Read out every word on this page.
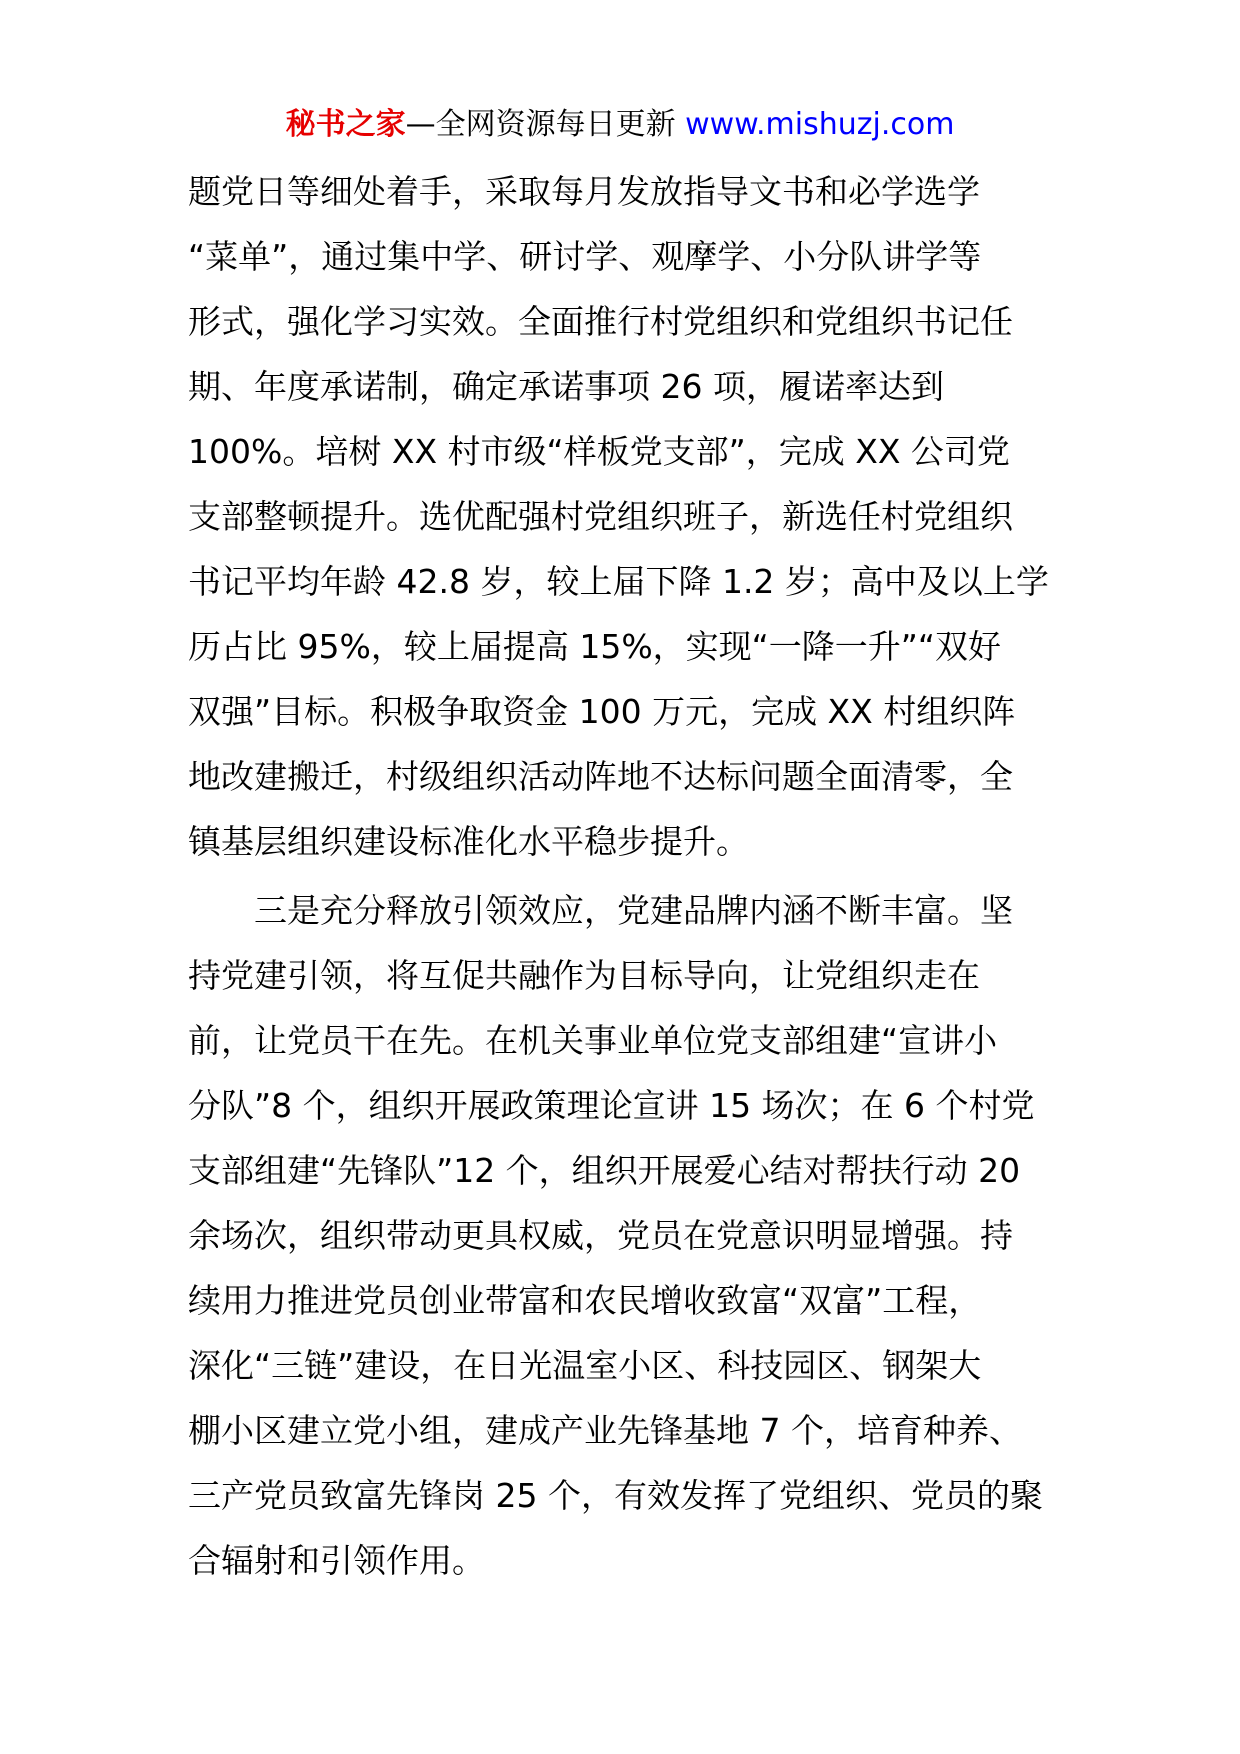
秘书之家—全网资源每日更新 www.mishuzj.com
题党日等细处着手，采取每月发放指导文书和必学选学
“菜单”，通过集中学、研讨学、观摩学、小分队讲学等
形式，强化学习实效。全面推行村党组织和党组织书记任
期、年度承诺制，确定承诺事项 26 项，履诺率达到
100%。培树 XX 村市级“样板党支部”，完成 XX 公司党
支部整顿提升。选优配强村党组织班子，新选任村党组织
书记平均年龄 42.8 岁，较上届下降 1.2 岁；高中及以上学
历占比 95%，较上届提高 15%，实现“一降一升”“双好
双强”目标。积极争取资金 100 万元，完成 XX 村组织阵
地改建搬迁，村级组织活动阵地不达标问题全面清零，全
镇基层组织建设标准化水平稳步提升。
　　三是充分释放引领效应，党建品牌内涵不断丰富。坚
持党建引领，将互促共融作为目标导向，让党组织走在
前，让党员干在先。在机关事业单位党支部组建“宣讲小
分队”8 个，组织开展政策理论宣讲 15 场次；在 6 个村党
支部组建“先锋队”12 个，组织开展爱心结对帮扶行动 20
余场次，组织带动更具权威，党员在党意识明显增强。持
续用力推进党员创业带富和农民增收致富“双富”工程，
深化“三链”建设，在日光温室小区、科技园区、钢架大
棚小区建立党小组，建成产业先锋基地 7 个，培育种养、
三产党员致富先锋岗 25 个，有效发挥了党组织、党员的聚
合辐射和引领作用。
